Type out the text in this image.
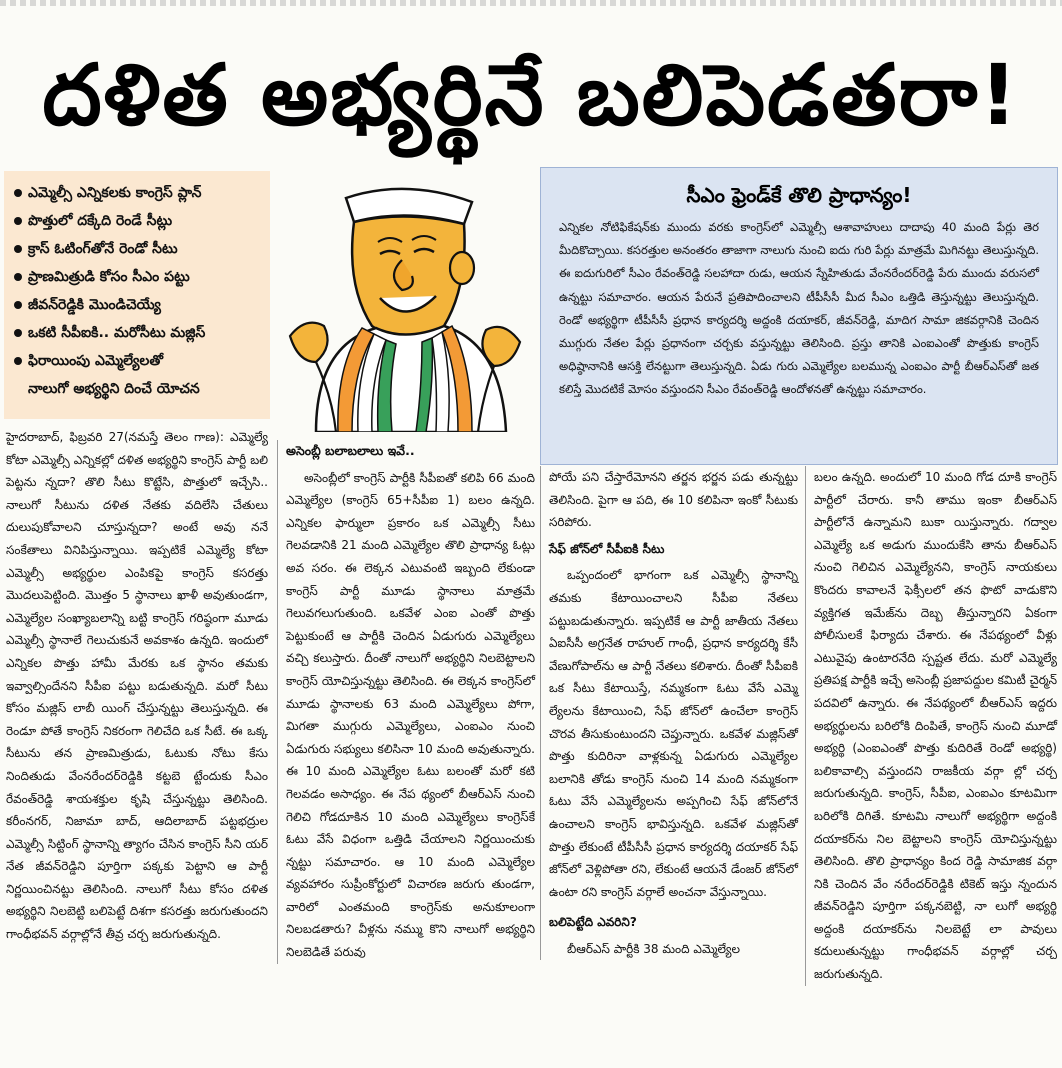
దళిత అభ్యర్థినే బలిపెడతరా!
ఎమ్మెల్సీ ఎన్నికలకు కాంగ్రెస్ ప్లాన్
పొత్తులో దక్కేది రెండే సీట్లు
క్రాస్ ఓటింగ్‌తోనే రెండో సీటు
ప్రాణమిత్రుడి కోసం సీఎం పట్టు
జీవన్‌రెడ్డికి మొండిచెయ్యే
ఒకటి సీపీఐకి.. మరోసీటు మజ్లిస్
ఫిరాయింపు ఎమ్మెల్యేలతో
నాలుగో అభ్యర్థిని దించే యోచన
సీఎం ఫ్రెండ్‌కే తొలి ప్రాధాన్యం!
ఎన్నికల నోటిఫికేషన్‌కు ముందు వరకు కాంగ్రెస్‌లో ఎమ్మెల్సీ ఆశావాహులు దాదాపు 40 మంది పేర్లు తెర మీదికొచ్చాయి. కసరత్తుల అనంతరం తాజాగా నాలుగు నుంచి ఐదు గురి పేర్లు మాత్రమే మిగినట్టు తెలుస్తున్నది. ఈ ఐదుగురిలో సీఎం రేవంత్‌రెడ్డి సలహాదా రుడు, ఆయన స్నేహితుడు వేంనరేందర్‌రెడ్డి పేరు ముందు వరుసలో ఉన్నట్టు సమాచారం. ఆయన పేరునే ప్రతిపాదించాలని టీపీసీసీ మీద సీఎం ఒత్తిడి తెస్తున్నట్టు తెలుస్తున్నది. రెండో అభ్యర్థిగా టీపీసీసీ ప్రధాన కార్యదర్శి అద్దంకి దయాకర్, జీవన్‌రెడ్డి, మాదిగ సామా జికవర్గానికి చెందిన ముగ్గురు నేతల పేర్లు ప్రధానంగా చర్చకు వస్తున్నట్టు తెలిసింది. ప్రస్తు తానికి ఎంఐఎంతో పొత్తుకు కాంగ్రెస్ అధిష్ఠానానికి ఆసక్తి లేనట్టుగా తెలుస్తున్నది. ఏడు గురు ఎమ్మెల్యేల బలమున్న ఎంఐఎం పార్టీ బీఆర్‌ఎస్‌తో జత కలిస్తే మొదటికే మోసం వస్తుందని సీఎం రేవంత్‌రెడ్డి ఆందోళనతో ఉన్నట్టు సమాచారం.

హైదరాబాద్, ఫిబ్రవరి 27(నమస్తే తెలం గాణ): ఎమ్మెల్యే కోటా ఎమ్మెల్సీ ఎన్నికల్లో దళిత అభ్యర్థిని కాంగ్రెస్ పార్టీ బలి పెట్టను న్నదా? తొలి సీటు కొట్టేసి, పొత్తులో ఇచ్చేసి.. నాలుగో సీటును దళిత నేతకు వదిలేసి చేతులు దులుపుకోవాలని చూస్తున్నదా? అంటే అవు ననే సంకేతాలు వినిపిస్తున్నాయి. ఇప్పటికే ఎమ్మెల్యే కోటా ఎమ్మెల్సీ అభ్యర్థుల ఎంపికపై కాంగ్రెస్ కసరత్తు మొదలుపెట్టింది. మొత్తం 5 స్థానాలు ఖాళీ అవుతుండగా, ఎమ్మెల్యేల సంఖ్యాబలాన్ని బట్టి కాంగ్రెస్ గరిష్ఠంగా మూడు ఎమ్మెల్సీ స్థానాలే గెలుచుకునే అవకాశం ఉన్నది. ఇందులో ఎన్నికల పొత్తు హామీ మేరకు ఒక స్థానం తమకు ఇవ్వాల్సిందేనని సీపీఐ పట్టు బడుతున్నది. మరో సీటు కోసం మజ్లిస్ లాబీ యింగ్ చేస్తున్నట్టు తెలుస్తున్నది. ఈ రెండూ పోతే కాంగ్రెస్ నికరంగా గెలిచేది ఒక సీటే. ఈ ఒక్క సీటును తన ప్రాణమిత్రుడు, ఓటుకు నోటు కేసు నిందితుడు వేంనరేందర్‌రెడ్డికి కట్టబె ట్టేందుకు సీఎం రేవంత్‌రెడ్డి శాయశక్తుల కృషి చేస్తున్నట్టు తెలిసింది. కరీంనగర్, నిజామా బాద్, ఆదిలాబాద్ పట్టభద్రుల ఎమ్మెల్సీ సిట్టింగ్ స్థానాన్ని త్యాగం చేసిన కాంగ్రెస్ సీని యర్ నేత జీవన్‌రెడ్డిని పూర్తిగా పక్కకు పెట్టాని ఆ పార్టీ నిర్ణయించినట్టు తెలిసింది. నాలుగో సీటు కోసం దళిత అభ్యర్థిని నిలబెట్టి బలిపెట్టే దిశగా కసరత్తు జరుగుతుందని గాంధీభవన్ వర్గాల్లోనే తీవ్ర చర్చ జరుగుతున్నది.

అసెంబ్లీ బలాబలాలు ఇవే..

అసెంబ్లీలో కాంగ్రెస్ పార్టీకి సీపీఐతో కలిపి 66 మంది ఎమ్మెల్యేల (కాంగ్రెస్ 65+సీపీఐ 1) బలం ఉన్నది. ఎన్నికల ఫార్ములా ప్రకారం ఒక ఎమ్మెల్సీ సీటు గెలవడానికి 21 మంది ఎమ్మెల్యేల తొలి ప్రాధాన్య ఓట్లు అవ సరం. ఈ లెక్కన ఎటువంటి ఇబ్బంది లేకుండా కాంగ్రెస్ పార్టీ మూడు స్థానాలు మాత్రమే గెలువగలుగుతుంది. ఒకవేళ ఎంఐ ఎంతో పొత్తు పెట్టుకుంటే ఆ పార్టీకి చెందిన ఏడుగురు ఎమ్మెల్యేలు వచ్చి కలుస్తారు. దీంతో నాలుగో అభ్యర్థిని నిలబెట్టాలని కాంగ్రెస్ యోచిస్తున్నట్టు తెలిసింది. ఈ లెక్కన కాంగ్రెస్‌లో మూడు స్థానాలకు 63 మంది ఎమ్మెల్యేలు పోగా, మిగతా ముగ్గురు ఎమ్మెల్యేలు, ఎంఐఎం నుంచి ఏడుగురు సభ్యులు కలిసినా 10 మంది అవుతున్నారు. ఈ 10 మంది ఎమ్మెల్యేల ఓటు బలంతో మరో కటి గెలవడం అసాధ్యం. ఈ నేప థ్యంలో బీఆర్‌ఎస్ నుంచి గెలిచి గోడదూకిన 10 మంది ఎమ్మెల్యేలు కాంగ్రెస్‌కే ఓటు వేసే విధంగా ఒత్తిడి చేయాలని నిర్ణయించుకు న్నట్టు సమాచారం. ఆ 10 మంది ఎమ్మెల్యేల వ్యవహారం సుప్రీంకోర్టులో విచారణ జరుగు తుండగా, వారిలో ఎంతమంది కాంగ్రెస్‌కు అనుకూలంగా నిలబడతారు? వీళ్లను నమ్ము కొని నాలుగో అభ్యర్థిని నిలబెడితే పరువు

పోయే పని చేస్తారేమోనని తర్జన భర్జన పడు తున్నట్టు తెలిసింది. పైగా ఆ పది, ఈ 10 కలిపినా ఇంకో సీటుకు సరిపోరు.

సేఫ్ జోన్‌లో సీపీఐకి సీటు

ఒప్పందంలో భాగంగా ఒక ఎమ్మెల్సీ స్థానాన్ని తమకు కేటాయించాలని సీపీఐ నేతలు పట్టుబడుతున్నారు. ఇప్పటికే ఆ పార్టీ జాతీయ నేతలు ఏఐసీసీ అగ్రనేత రాహుల్ గాంధీ, ప్రధాన కార్యదర్శి కేసీ వేణుగోపాల్‌ను ఆ పార్టీ నేతలు కలిశారు. దీంతో సీపీఐకి ఒక సీటు కేటాయిస్తే, నమ్మకంగా ఓటు వేసే ఎమ్మె ల్యేలను కేటాయించి, సేఫ్ జోన్‌లో ఉంచేలా కాంగ్రెస్ చొరవ తీసుకుంటుందని చెప్తున్నారు. ఒకవేళ మజ్లిస్‌తో పొత్తు కుదిరినా వాళ్లకున్న ఏడుగురు ఎమ్మెల్యేల బలానికి తోడు కాంగ్రెస్ నుంచి 14 మంది నమ్మకంగా ఓటు వేసే ఎమ్మెల్యేలను అప్పగించి సేఫ్ జోన్‌లోనే ఉంచాలని కాంగ్రెస్ భావిస్తున్నది. ఒకవేళ మజ్లిస్‌తో పొత్తు లేకుంటే టీపీసీసీ ప్రధాన కార్యదర్శి దయాకర్ సేఫ్ జోన్‌లో వెళ్లిపోతా రని, లేకుంటే ఆయనే డేంజర్ జోన్‌లో ఉంటా రని కాంగ్రెస్ వర్గాలే అంచనా వేస్తున్నాయి.

బలిపెట్టేది ఎవరిని?

బీఆర్‌ఎస్ పార్టీకి 38 మంది ఎమ్మెల్యేల

బలం ఉన్నది. అందులో 10 మంది గోడ దూకి కాంగ్రెస్ పార్టీలో చేరారు. కానీ తాము ఇంకా బీఆర్‌ఎస్ పార్టీలోనే ఉన్నామని బుకా యిస్తున్నారు. గద్వాల ఎమ్మెల్యే ఒక అడుగు ముందుకేసి తాను బీఆర్‌ఎస్ నుంచి గెలిచిన ఎమ్మెల్యేనని, కాంగ్రెస్ నాయకులు కొందరు కావాలనే ఫెక్సీలలో తన ఫొటో వాడుకొని వ్యక్తిగత ఇమేజ్‌ను దెబ్బ తీస్తున్నారని ఏకంగా పోలీసులకే ఫిర్యాదు చేశారు. ఈ నేపథ్యంలో వీళ్లు ఎటువైపు ఉంటారనేది స్పష్టత లేదు. మరో ఎమ్మెల్యే ప్రతిపక్ష పార్టీకి ఇచ్చే అసెంబ్లీ ప్రజాపద్దుల కమిటీ చైర్మన్ పదవిలో ఉన్నారు. ఈ నేపథ్యంలో బీఆర్‌ఎస్ ఇద్దరు అభ్యర్థులను బరిలోకి దింపితే, కాంగ్రెస్ నుంచి మూడో అభ్యర్థి (ఎంఐఎంతో పొత్తు కుదిరితే రెండో అభ్యర్థి) బలికావాల్సి వస్తుందని రాజకీయ వర్గా ల్లో చర్చ జరుగుతున్నది. కాంగ్రెస్, సీపీఐ, ఎంఐఎం కూటమిగా బరిలోకి దిగితే. కూటమి నాలుగో అభ్యర్థిగా అద్దంకి దయాకర్‌ను నిల బెట్టాలని కాంగ్రెస్ యోచిస్తున్నట్టు తెలిసింది. తొలి ప్రాధాన్యం కింద రెడ్డి సామాజిక వర్గా నికి చెందిన వేం నరేందర్‌రెడ్డికి టికెట్ ఇస్తు న్నందున జీవన్‌రెడ్డిని పూర్తిగా పక్కనబెట్టి, నా లుగో అభ్యర్థి అద్దంకి దయాకర్‌ను నిలబెట్టే లా పావులు కదులుతున్నట్టు గాంధీభవన్ వర్గాల్లో చర్చ జరుగుతున్నది.
